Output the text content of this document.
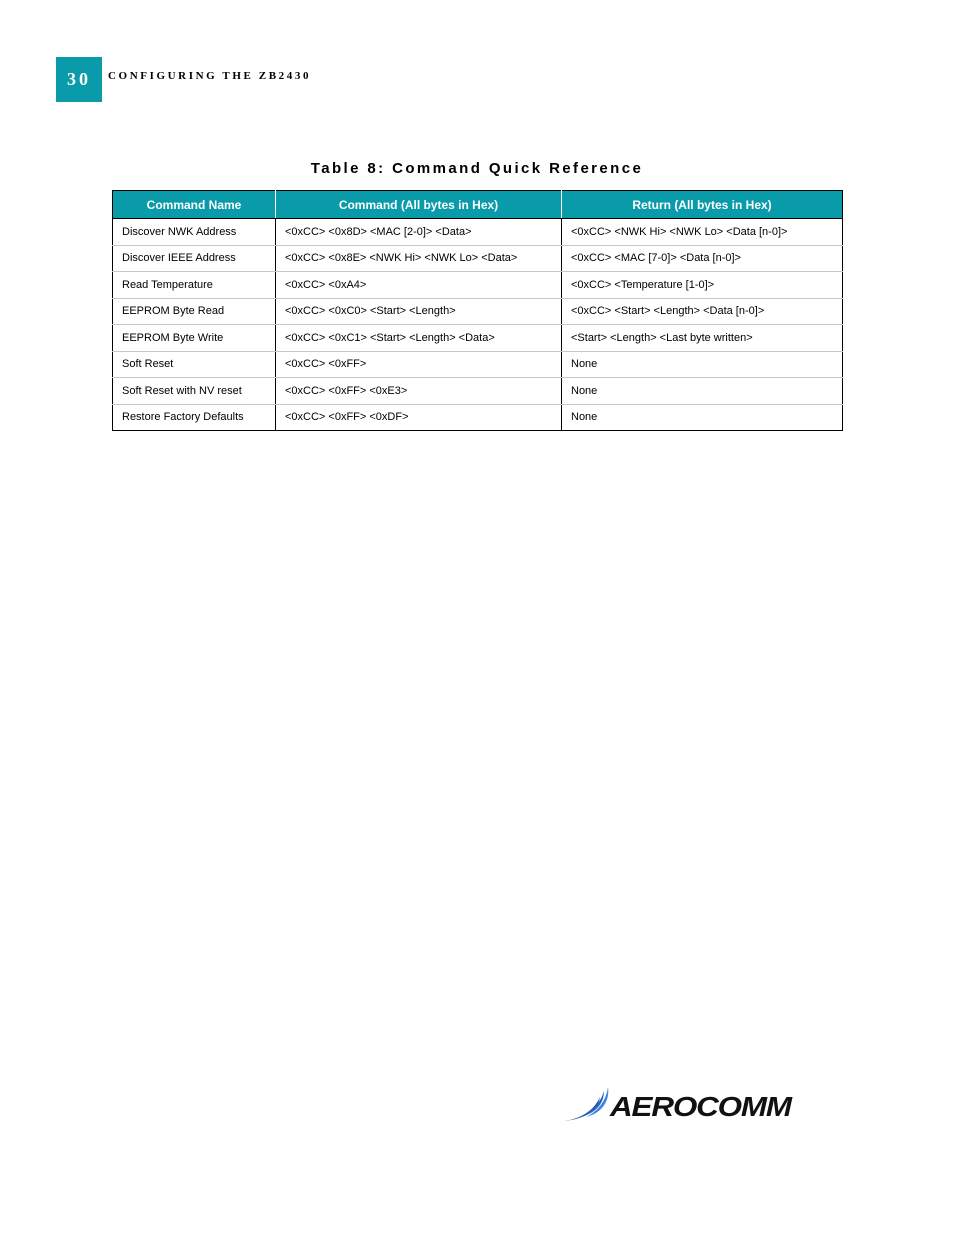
30	CONFIGURING THE ZB2430
Table 8: Command Quick Reference
Command Name	Command (All bytes in Hex)	Return (All bytes in Hex)
Discover NWK Address	<0xCC> <0x8D> <MAC [2-0]> <Data>	<0xCC> <NWK Hi> <NWK Lo> <Data [n-0]>
Discover IEEE Address	<0xCC> <0x8E> <NWK Hi> <NWK Lo> <Data>	<0xCC> <MAC [7-0]> <Data [n-0]>
Read Temperature	<0xCC> <0xA4>	<0xCC> <Temperature [1-0]>
EEPROM Byte Read	<0xCC> <0xC0> <Start> <Length>	<0xCC> <Start> <Length> <Data [n-0]>
EEPROM Byte Write	<0xCC> <0xC1> <Start> <Length> <Data>	<Start> <Length> <Last byte written>
Soft Reset	<0xCC> <0xFF>	None
Soft Reset with NV reset	<0xCC> <0xFF> <0xE3>	None
Restore Factory Defaults	<0xCC> <0xFF> <0xDF>	None
AEROCOMM
